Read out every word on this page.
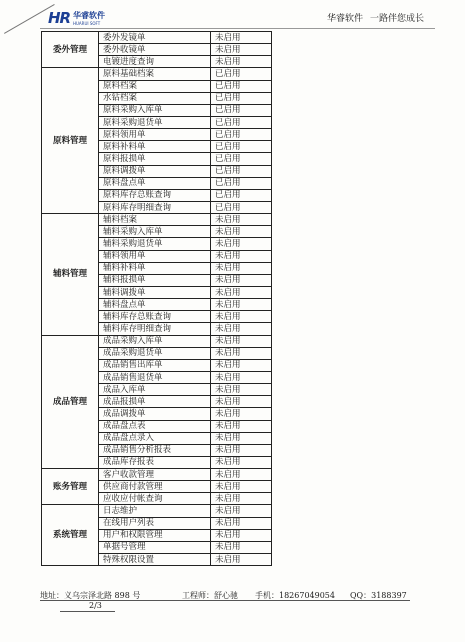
HR 华睿软件
HUARUI SOFT	华睿软件 一路伴您成长
委外管理	委外发镜单	未启用
	委外收镜单	未启用
	电镀进度查询	未启用
原料管理	原料基础档案	已启用
	原料档案	已启用
	水钻档案	已启用
	原料采购入库单	已启用
	原料采购退货单	已启用
	原料领用单	已启用
	原料补料单	已启用
	原料报损单	已启用
	原料调拨单	已启用
	原料盘点单	已启用
	原料库存总账查询	已启用
	原料库存明细查询	已启用
辅料管理	辅料档案	未启用
	辅料采购入库单	未启用
	辅料采购退货单	未启用
	辅料领用单	未启用
	辅料补料单	未启用
	辅料报损单	未启用
	辅料调拨单	未启用
	辅料盘点单	未启用
	辅料库存总账查询	未启用
	辅料库存明细查询	未启用
成品管理	成品采购入库单	未启用
	成品采购退货单	未启用
	成品销售出库单	未启用
	成品销售退货单	未启用
	成品入库单	未启用
	成品报损单	未启用
	成品调拨单	未启用
	成品盘点表	未启用
	成品盘点录入	未启用
	成品销售分析报表	未启用
	成品库存报表	未启用
账务管理	客户收款管理	未启用
	供应商付款管理	未启用
	应收应付帐查询	未启用
系统管理	日志维护	未启用
	在线用户列表	未启用
	用户和权限管理	未启用
	单据号管理	未启用
	特殊权限设置	未启用
地址：义乌宗泽北路 898 号	工程师：舒心驰 手机：18267049054 QQ：3188397
2/3
